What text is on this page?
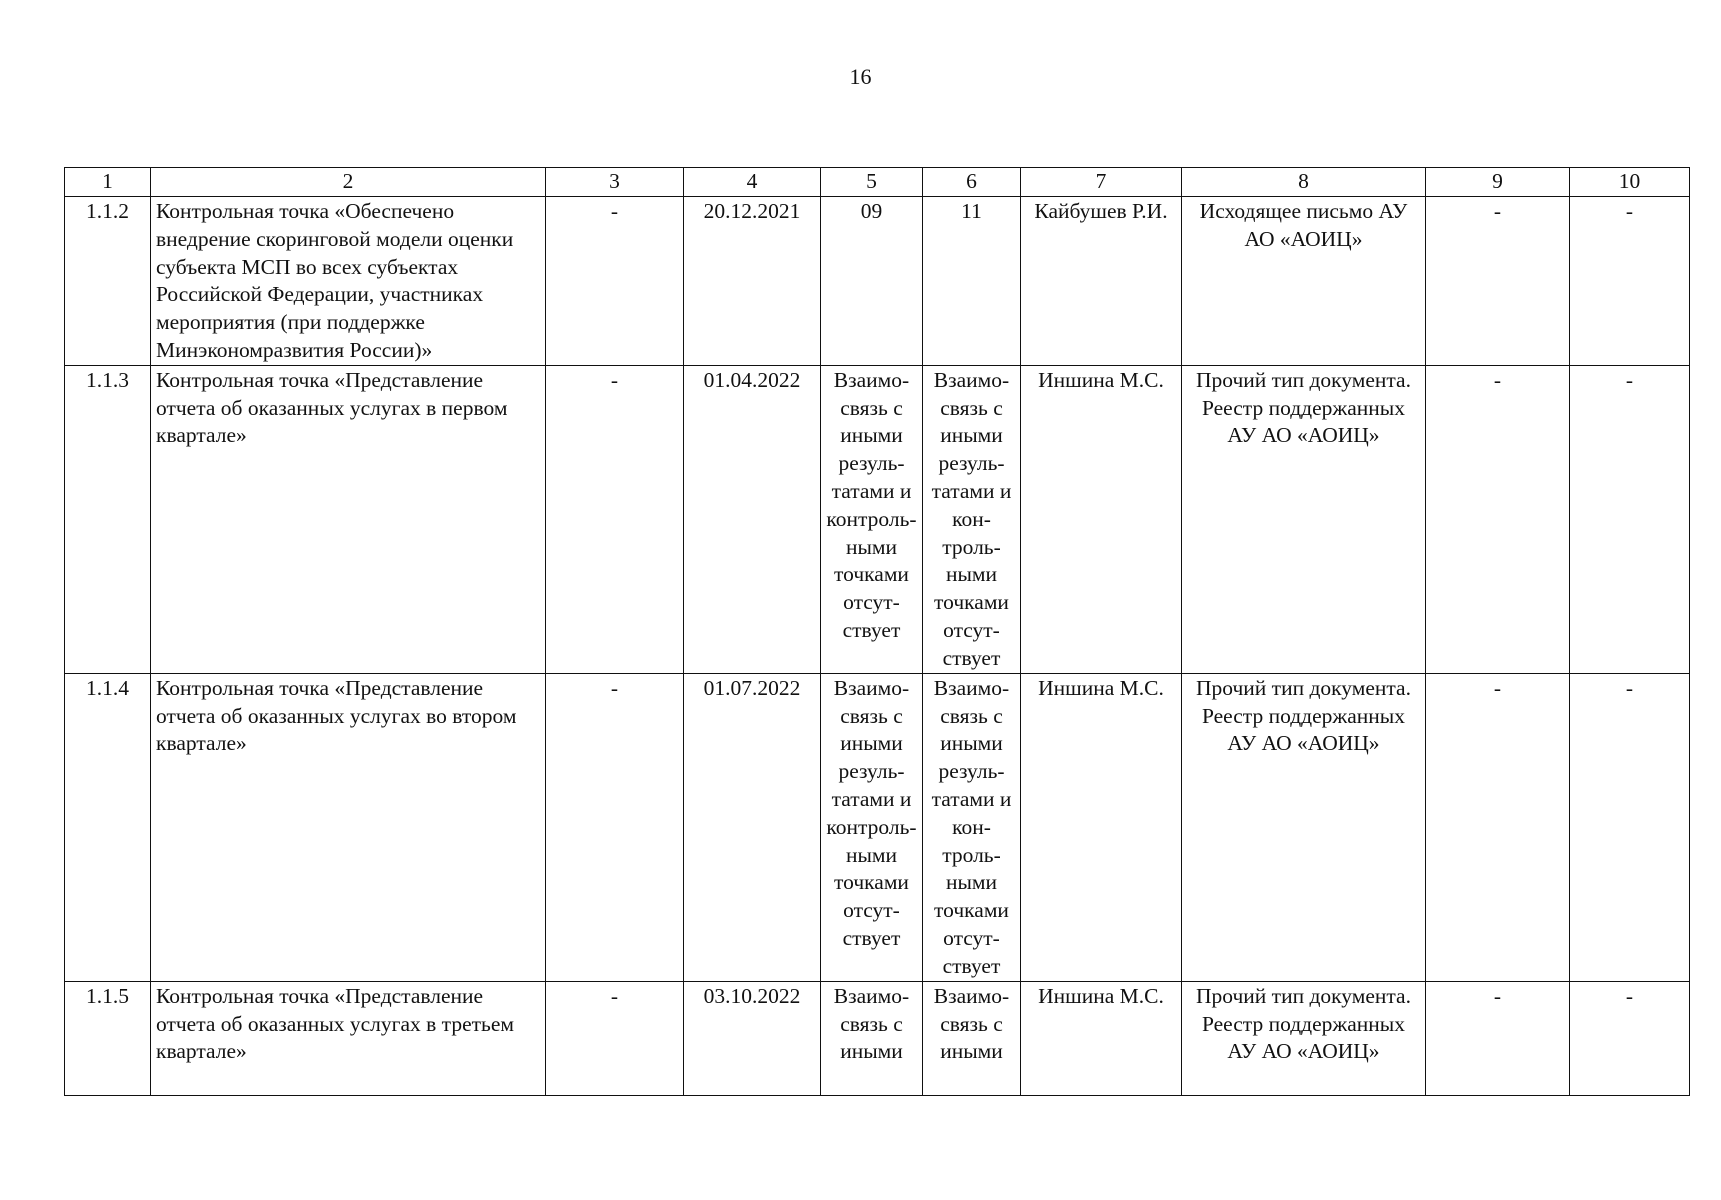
16
1	2	3	4	5	6	7	8	9	10
1.1.2	Контрольная точка «Обеспечено внедрение скоринговой модели оценки субъекта МСП во всех субъектах Российской Федерации, участниках мероприятия (при поддержке Минэкономразвития России)»	-	20.12.2021	09	11	Кайбушев Р.И.	Исходящее письмо АУ АО «АОИЦ»	-	-
1.1.3	Контрольная точка «Представление отчета об оказанных услугах в первом квартале»	-	01.04.2022	Взаимосвязь с иными результатами и контрольными точками отсутствует	Взаимосвязь с иными результатами и контрольными точками отсутствует	Иншина М.С.	Прочий тип документа. Реестр поддержанных АУ АО «АОИЦ»	-	-
1.1.4	Контрольная точка «Представление отчета об оказанных услугах во втором квартале»	-	01.07.2022	Взаимосвязь с иными результатами и контрольными точками отсутствует	Взаимосвязь с иными результатами и контрольными точками отсутствует	Иншина М.С.	Прочий тип документа. Реестр поддержанных АУ АО «АОИЦ»	-	-
1.1.5	Контрольная точка «Представление отчета об оказанных услугах в третьем квартале»	-	03.10.2022	Взаимосвязь с иными	Взаимосвязь с иными	Иншина М.С.	Прочий тип документа. Реестр поддержанных АУ АО «АОИЦ»	-	-
